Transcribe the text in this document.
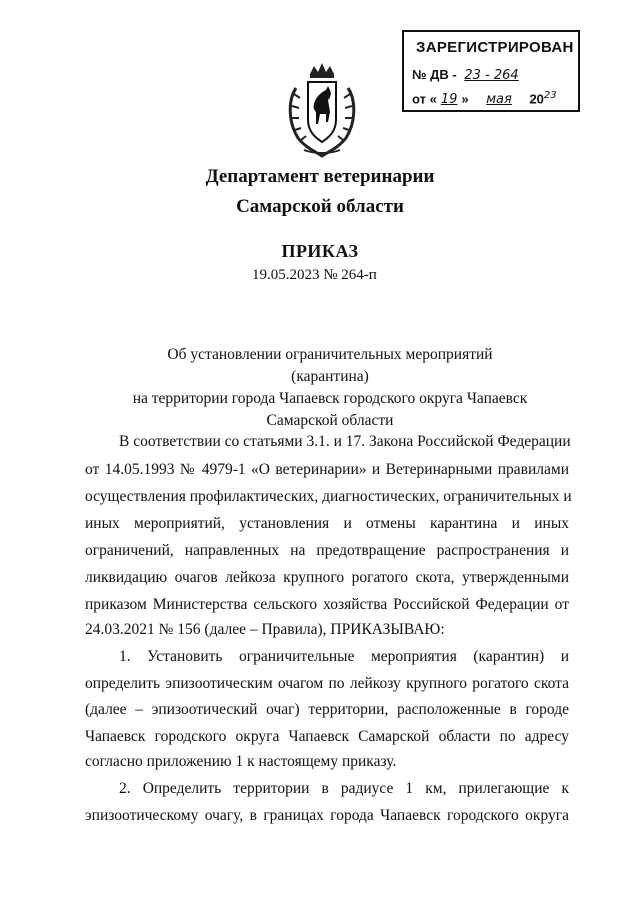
ЗАРЕГИСТРИРОВАН
№ ДВ - 23 - 264
от « 19 » мая $20^{23}$
Департамент ветеринарии
Самарской области
ПРИКАЗ
19.05.2023 № 264-п
Об установлении ограничительных мероприятий (карантина)
на территории города Чапаевск городского округа Чапаевск
Самарской области
В соответствии со статьями 3.1. и 17. Закона Российской Федерации
от 14.05.1993 № 4979-1 «О ветеринарии» и Ветеринарными правилами
осуществления профилактических, диагностических, ограничительных и
иных мероприятий, установления и отмены карантина и иных
ограничений, направленных на предотвращение распространения и
ликвидацию очагов лейкоза крупного рогатого скота, утвержденными
приказом Министерства сельского хозяйства Российской Федерации от
24.03.2021 № 156 (далее – Правила), ПРИКАЗЫВАЮ:
1. Установить ограничительные мероприятия (карантин) и
определить эпизоотическим очагом по лейкозу крупного рогатого скота
(далее – эпизоотический очаг) территории, расположенные в городе
Чапаевск городского округа Чапаевск Самарской области по адресу
согласно приложению 1 к настоящему приказу.
2. Определить территории в радиусе 1 км, прилегающие к
эпизоотическому очагу, в границах города Чапаевск городского округа
